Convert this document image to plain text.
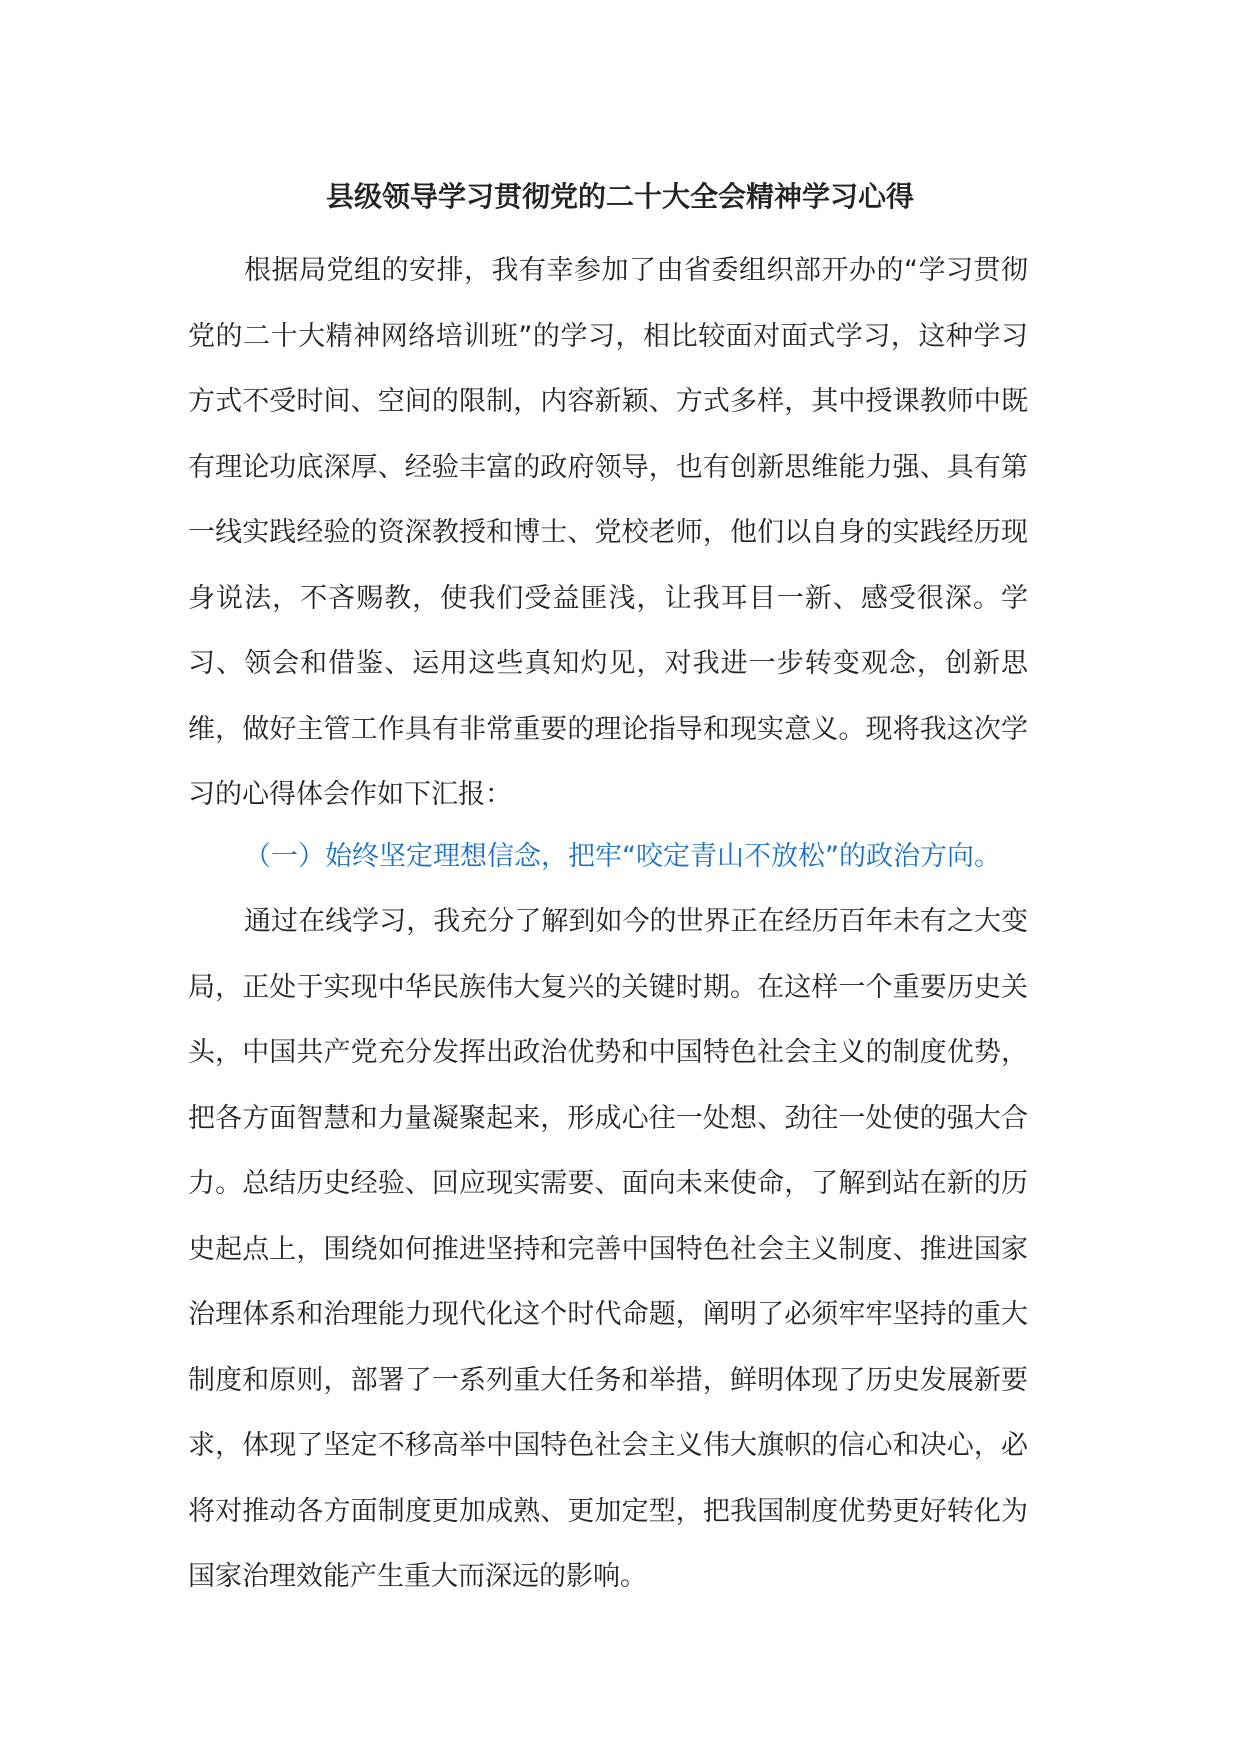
县级领导学习贯彻党的二十大全会精神学习心得

根据局党组的安排，我有幸参加了由省委组织部开办的“学习贯彻党的二十大精神网络培训班”的学习，相比较面对面式学习，这种学习方式不受时间、空间的限制，内容新颖、方式多样，其中授课教师中既有理论功底深厚、经验丰富的政府领导，也有创新思维能力强、具有第一线实践经验的资深教授和博士、党校老师，他们以自身的实践经历现身说法，不吝赐教，使我们受益匪浅，让我耳目一新、感受很深。学习、领会和借鉴、运用这些真知灼见，对我进一步转变观念，创新思维，做好主管工作具有非常重要的理论指导和现实意义。现将我这次学习的心得体会作如下汇报：

（一）始终坚定理想信念，把牢“咬定青山不放松”的政治方向。

通过在线学习，我充分了解到如今的世界正在经历百年未有之大变局，正处于实现中华民族伟大复兴的关键时期。在这样一个重要历史关头，中国共产党充分发挥出政治优势和中国特色社会主义的制度优势，把各方面智慧和力量凝聚起来，形成心往一处想、劲往一处使的强大合力。总结历史经验、回应现实需要、面向未来使命，了解到站在新的历史起点上，围绕如何推进坚持和完善中国特色社会主义制度、推进国家治理体系和治理能力现代化这个时代命题，阐明了必须牢牢坚持的重大制度和原则，部署了一系列重大任务和举措，鲜明体现了历史发展新要求，体现了坚定不移高举中国特色社会主义伟大旗帜的信心和决心，必将对推动各方面制度更加成熟、更加定型，把我国制度优势更好转化为国家治理效能产生重大而深远的影响。
